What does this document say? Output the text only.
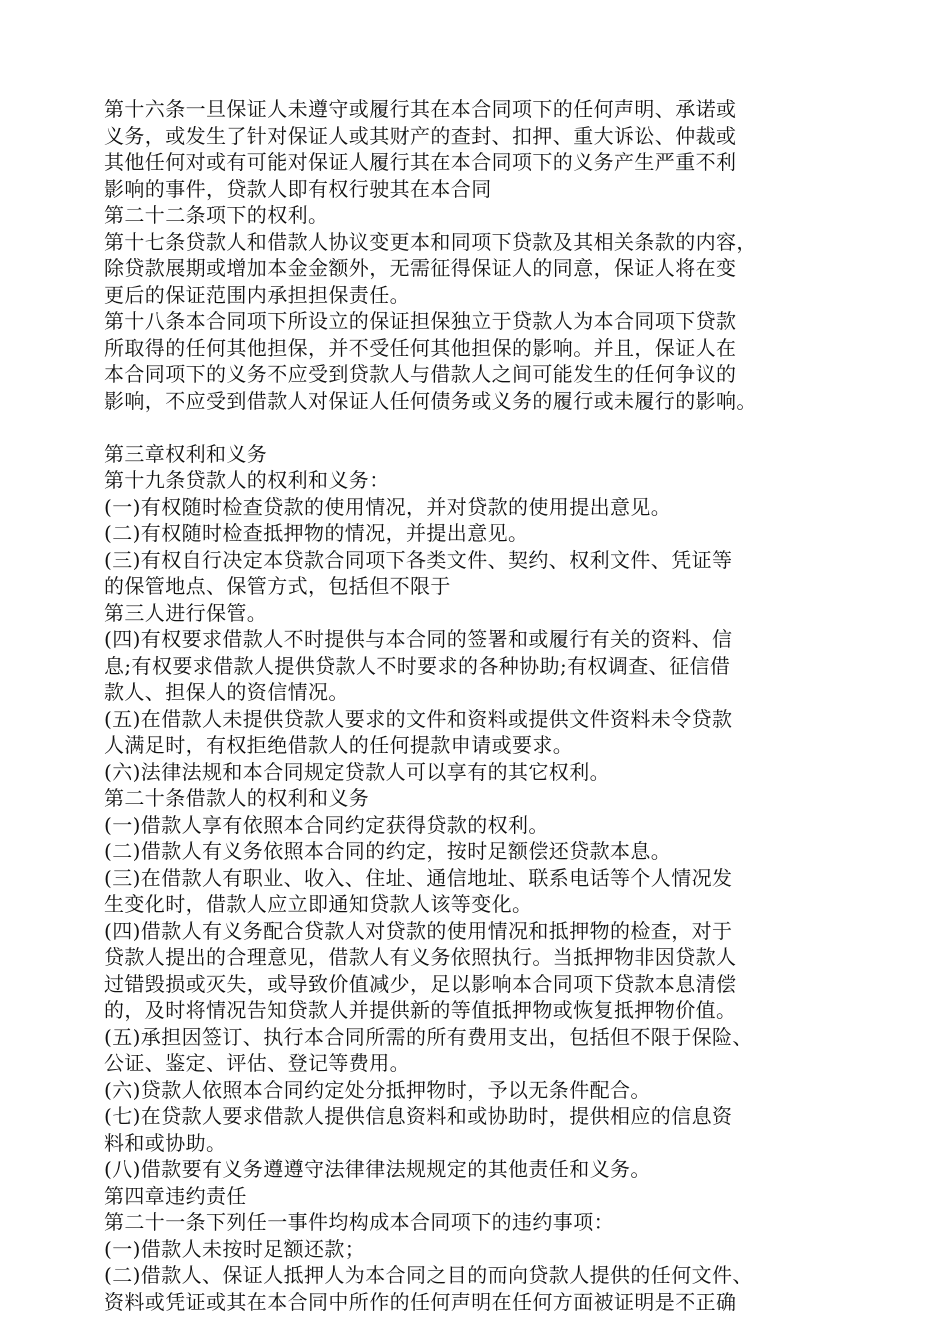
第十六条一旦保证人未遵守或履行其在本合同项下的任何声明、承诺或
义务，或发生了针对保证人或其财产的查封、扣押、重大诉讼、仲裁或
其他任何对或有可能对保证人履行其在本合同项下的义务产生严重不利
影响的事件，贷款人即有权行驶其在本合同
第二十二条项下的权利。
第十七条贷款人和借款人协议变更本和同项下贷款及其相关条款的内容，
除贷款展期或增加本金金额外，无需征得保证人的同意，保证人将在变
更后的保证范围内承担担保责任。
第十八条本合同项下所设立的保证担保独立于贷款人为本合同项下贷款
所取得的任何其他担保，并不受任何其他担保的影响。并且，保证人在
本合同项下的义务不应受到贷款人与借款人之间可能发生的任何争议的
影响，不应受到借款人对保证人任何债务或义务的履行或未履行的影响。
第三章权利和义务
第十九条贷款人的权利和义务：
(一)有权随时检查贷款的使用情况，并对贷款的使用提出意见。
(二)有权随时检查抵押物的情况，并提出意见。
(三)有权自行决定本贷款合同项下各类文件、契约、权利文件、凭证等
的保管地点、保管方式，包括但不限于
第三人进行保管。
(四)有权要求借款人不时提供与本合同的签署和或履行有关的资料、信
息;有权要求借款人提供贷款人不时要求的各种协助;有权调查、征信借
款人、担保人的资信情况。
(五)在借款人未提供贷款人要求的文件和资料或提供文件资料未令贷款
人满足时，有权拒绝借款人的任何提款申请或要求。
(六)法律法规和本合同规定贷款人可以享有的其它权利。
第二十条借款人的权利和义务
(一)借款人享有依照本合同约定获得贷款的权利。
(二)借款人有义务依照本合同的约定，按时足额偿还贷款本息。
(三)在借款人有职业、收入、住址、通信地址、联系电话等个人情况发
生变化时，借款人应立即通知贷款人该等变化。
(四)借款人有义务配合贷款人对贷款的使用情况和抵押物的检查，对于
贷款人提出的合理意见，借款人有义务依照执行。当抵押物非因贷款人
过错毁损或灭失，或导致价值减少，足以影响本合同项下贷款本息清偿
的，及时将情况告知贷款人并提供新的等值抵押物或恢复抵押物价值。
(五)承担因签订、执行本合同所需的所有费用支出，包括但不限于保险、
公证、鉴定、评估、登记等费用。
(六)贷款人依照本合同约定处分抵押物时，予以无条件配合。
(七)在贷款人要求借款人提供信息资料和或协助时，提供相应的信息资
料和或协助。
(八)借款要有义务遵遵守法律律法规规定的其他责任和义务。
第四章违约责任
第二十一条下列任一事件均构成本合同项下的违约事项：
(一)借款人未按时足额还款；
(二)借款人、保证人抵押人为本合同之目的而向贷款人提供的任何文件、
资料或凭证或其在本合同中所作的任何声明在任何方面被证明是不正确
